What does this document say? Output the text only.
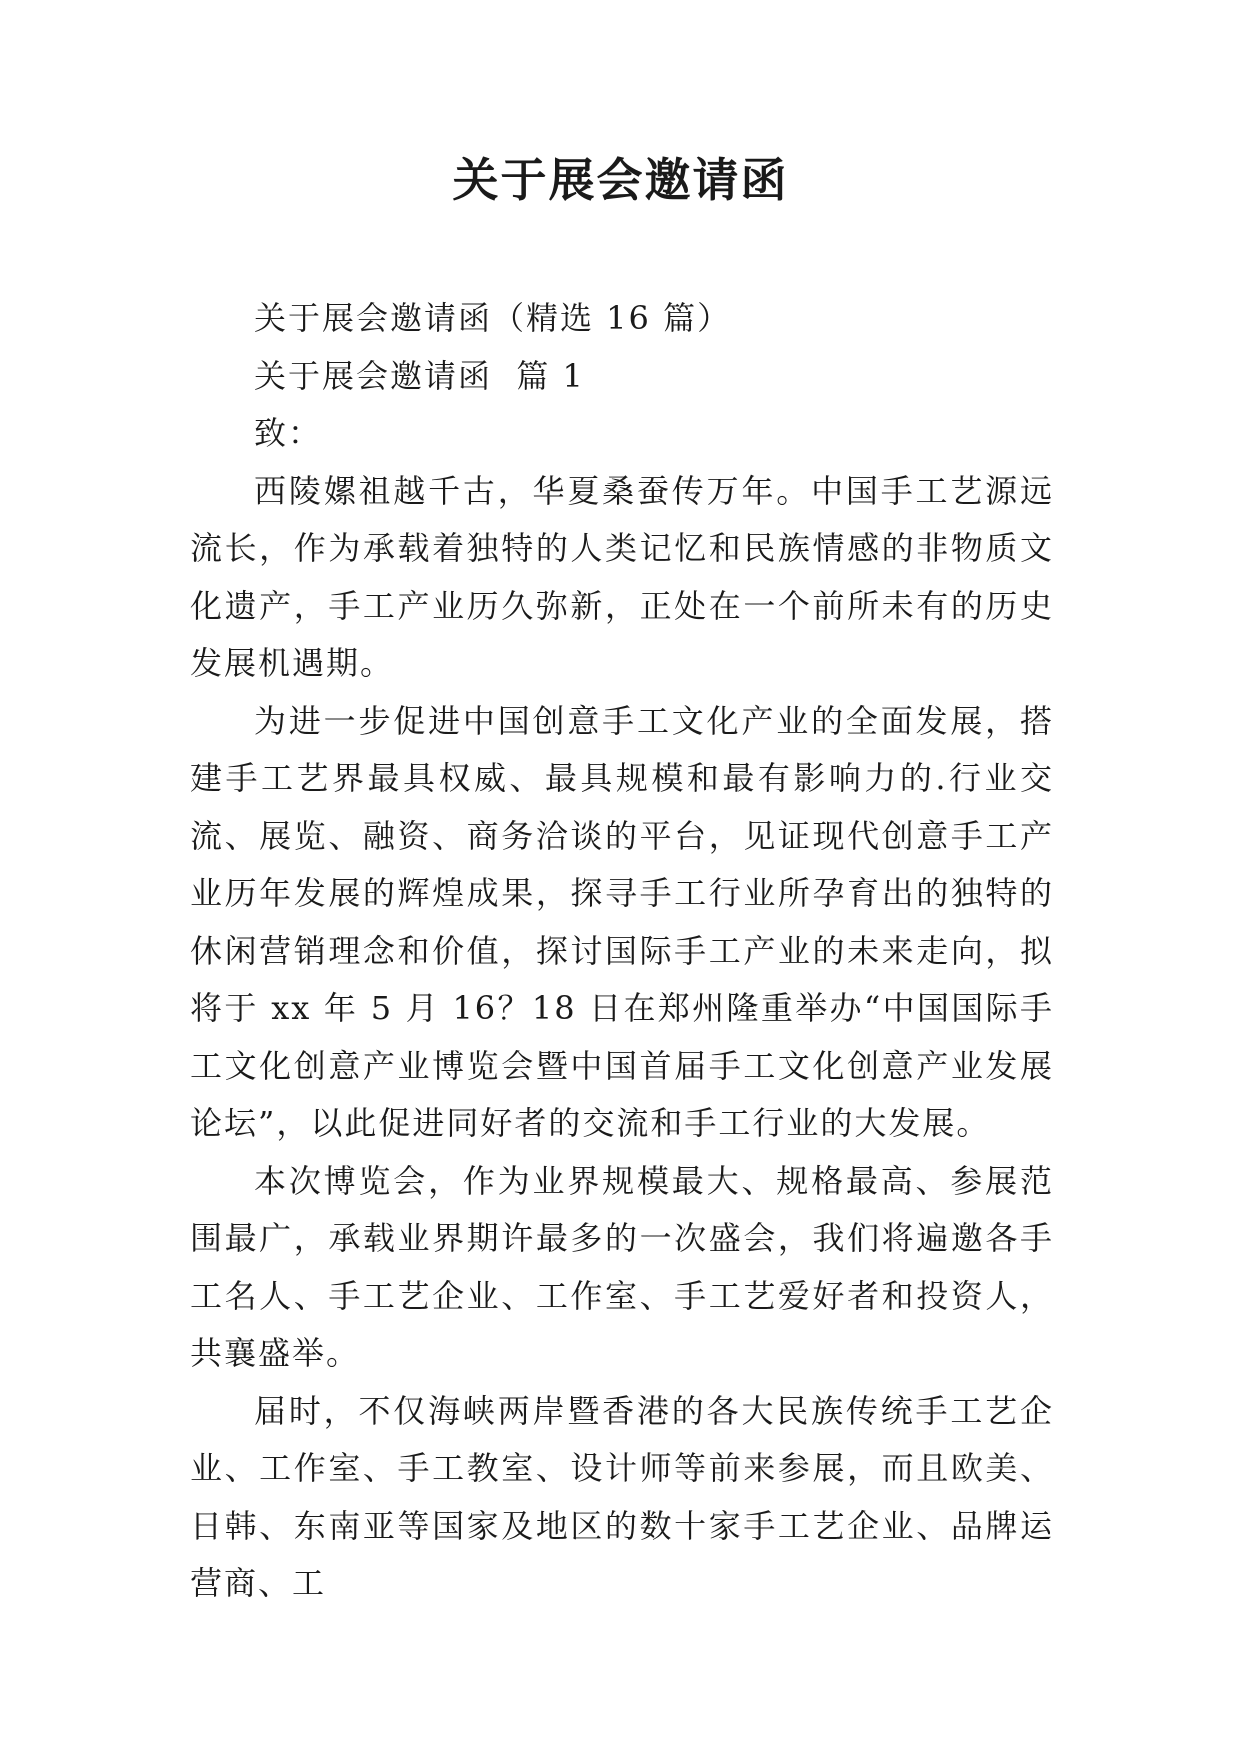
关于展会邀请函

关于展会邀请函（精选 16 篇）

关于展会邀请函  篇 1

致：

西陵嫘祖越千古，华夏桑蚕传万年。中国手工艺源远流长，作为承载着独特的人类记忆和民族情感的非物质文化遗产，手工产业历久弥新，正处在一个前所未有的历史发展机遇期。

为进一步促进中国创意手工文化产业的全面发展，搭建手工艺界最具权威、最具规模和最有影响力的.行业交流、展览、融资、商务洽谈的平台，见证现代创意手工产业历年发展的辉煌成果，探寻手工行业所孕育出的独特的休闲营销理念和价值，探讨国际手工产业的未来走向，拟将于 xx 年 5 月 16？18 日在郑州隆重举办“中国国际手工文化创意产业博览会暨中国首届手工文化创意产业发展论坛”，以此促进同好者的交流和手工行业的大发展。

本次博览会，作为业界规模最大、规格最高、参展范围最广，承载业界期许最多的一次盛会，我们将遍邀各手工名人、手工艺企业、工作室、手工艺爱好者和投资人，共襄盛举。

届时，不仅海峡两岸暨香港的各大民族传统手工艺企业、工作室、手工教室、设计师等前来参展，而且欧美、日韩、东南亚等国家及地区的数十家手工艺企业、品牌运营商、工
